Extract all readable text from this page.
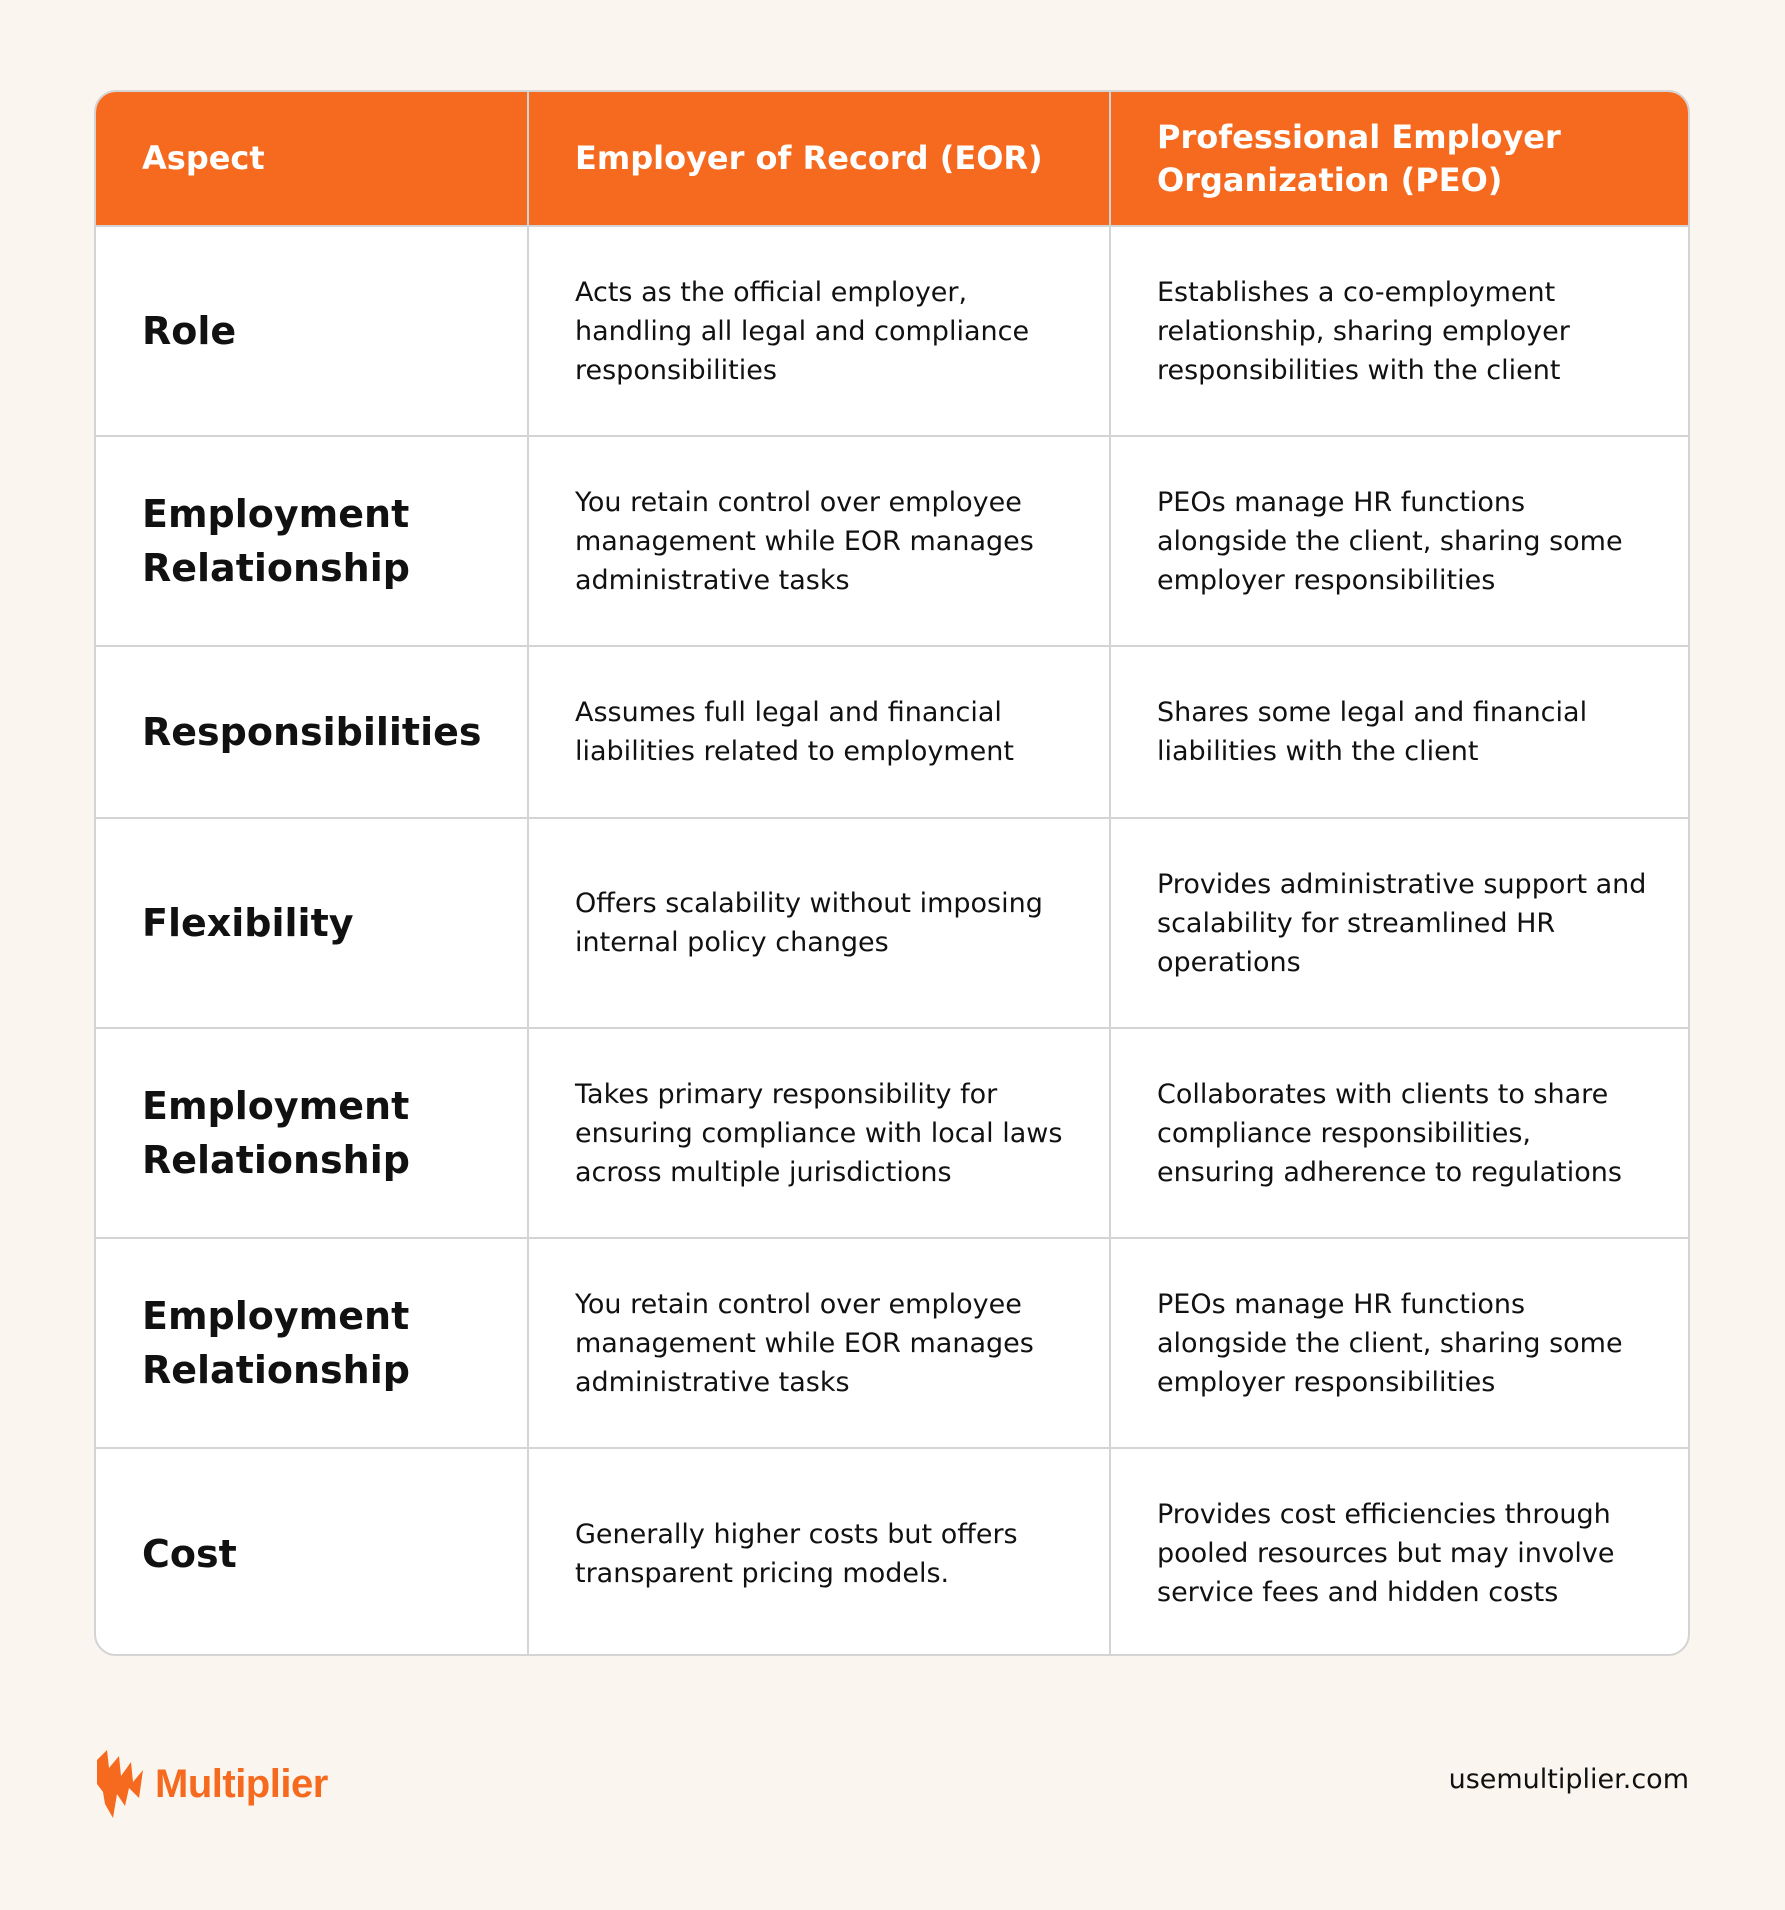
Aspect	Employer of Record (EOR)	Professional Employer Organization (PEO)
Role	Acts as the official employer, handling all legal and compliance responsibilities	Establishes a co-employment relationship, sharing employer responsibilities with the client
Employment Relationship	You retain control over employee management while EOR manages administrative tasks	PEOs manage HR functions alongside the client, sharing some employer responsibilities
Responsibilities	Assumes full legal and financial liabilities related to employment	Shares some legal and financial liabilities with the client
Flexibility	Offers scalability without imposing internal policy changes	Provides administrative support and scalability for streamlined HR operations
Employment Relationship	Takes primary responsibility for ensuring compliance with local laws across multiple jurisdictions	Collaborates with clients to share compliance responsibilities, ensuring adherence to regulations
Employment Relationship	You retain control over employee management while EOR manages administrative tasks	PEOs manage HR functions alongside the client, sharing some employer responsibilities
Cost	Generally higher costs but offers transparent pricing models.	Provides cost efficiencies through pooled resources but may involve service fees and hidden costs
Multiplier	usemultiplier.com
